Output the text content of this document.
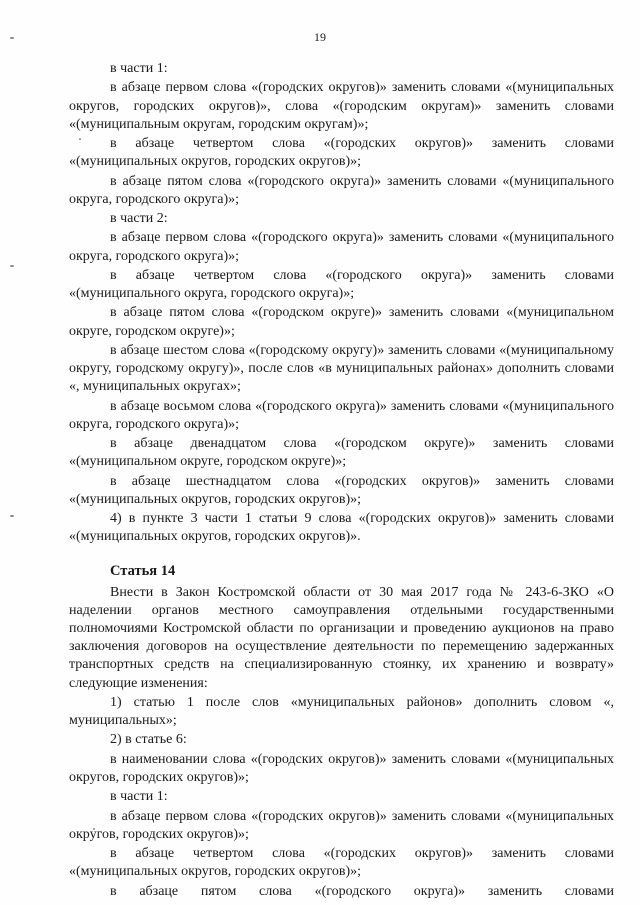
19

в части 1:

в абзаце первом слова «(городских округов)» заменить словами «(муниципальных округов, городских округов)», слова «(городским округам)» заменить словами «(муниципальным округам, городским округам)»;

в абзаце четвертом слова «(городских округов)» заменить словами «(муниципальных округов, городских округов)»;

в абзаце пятом слова «(городского округа)» заменить словами «(муниципального округа, городского округа)»;

в части 2:

в абзаце первом слова «(городского округа)» заменить словами «(муниципального округа, городского округа)»;

в абзаце четвертом слова «(городского округа)» заменить словами «(муниципального округа, городского округа)»;

в абзаце пятом слова «(городском округе)» заменить словами «(муниципальном округе, городском округе)»;

в абзаце шестом слова «(городскому округу)» заменить словами «(муниципальному округу, городскому округу)», после слов «в муниципальных районах» дополнить словами «, муниципальных округах»;

в абзаце восьмом слова «(городского округа)» заменить словами «(муниципального округа, городского округа)»;

в абзаце двенадцатом слова «(городском округе)» заменить словами «(муниципальном округе, городском округе)»;

в абзаце шестнадцатом слова «(городских округов)» заменить словами «(муниципальных округов, городских округов)»;

4) в пункте 3 части 1 статьи 9 слова «(городских округов)» заменить словами «(муниципальных округов, городских округов)».

Статья 14

Внести в Закон Костромской области от 30 мая 2017 года № 243-6-ЗКО «О наделении органов местного самоуправления отдельными государственными полномочиями Костромской области по организации и проведению аукционов на право заключения договоров на осуществление деятельности по перемещению задержанных транспортных средств на специализированную стоянку, их хранению и возврату» следующие изменения:

1) статью 1 после слов «муниципальных районов» дополнить словом «, муниципальных»;

2) в статье 6:

в наименовании слова «(городских округов)» заменить словами «(муниципальных округов, городских округов)»;

в части 1:

в абзаце первом слова «(городских округов)» заменить словами «(муниципальных округов, городских округов)»;

в абзаце четвертом слова «(городских округов)» заменить словами «(муниципальных округов, городских округов)»;

в абзаце пятом слова «(городского округа)» заменить словами
